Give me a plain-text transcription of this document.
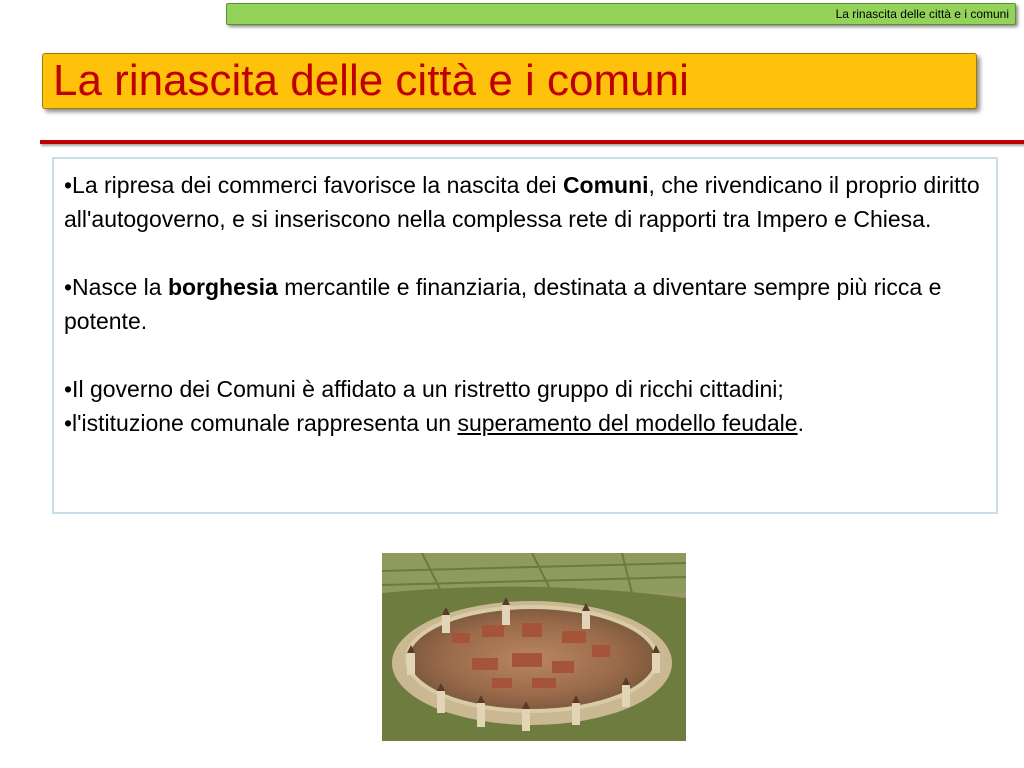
La rinascita delle città e i comuni
La rinascita delle città e i comuni

•La ripresa dei commerci favorisce la nascita dei Comuni, che rivendicano il proprio diritto all'autogoverno, e si inseriscono nella complessa rete di rapporti tra Impero e Chiesa.

•Nasce la borghesia mercantile e finanziaria, destinata a diventare sempre più ricca e potente.

•Il governo dei Comuni è affidato a un ristretto gruppo di ricchi cittadini;

•l'istituzione comunale rappresenta un superamento del modello feudale.
